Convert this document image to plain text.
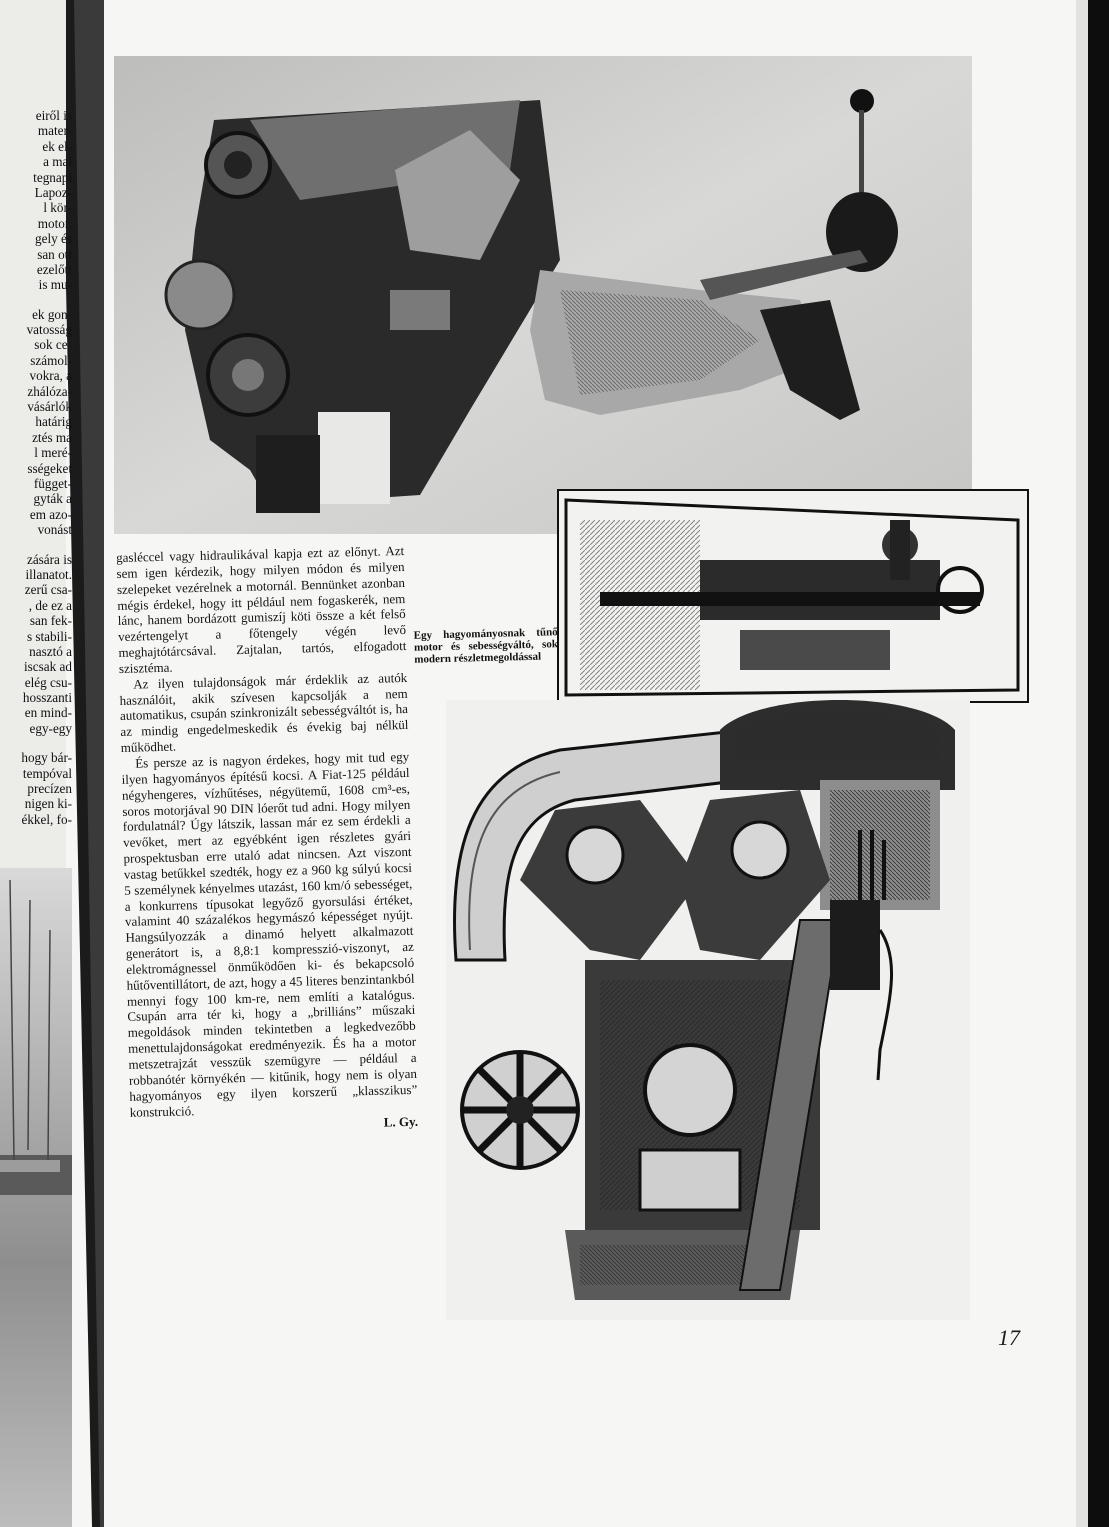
eiről is
mater-
ek el-
a mai
tegnapi
Lapoz-
l kör-
motor,
gely és
san ott
ezelőtt
is mu-
ek gon-
vatosság
sok ce-
számol-
vokra, a
zhálóza-
vásárlók
határig
ztés ma
l meré-
sségeket
függet-
gyták a
em azo-
vonást
zására is
illanatot.
zerű csa-
, de ez a
san fek-
s stabili-
nasztó a
iscsak ad
elég csu-
hosszanti
en mind-
egy-egy
hogy bár-
tempóval
precízen
nigen ki-
ékkel, fo-

gasléccel vagy hidraulikával kapja ezt az előnyt. Azt sem igen kérdezik, hogy milyen módon és milyen szelepeket vezérelnek a motornál. Bennünket azonban mégis érdekel, hogy itt például nem fogaskerék, nem lánc, hanem bordázott gumiszíj köti össze a két felső vezértengelyt a főtengely végén levő meghajtótárcsával. Zajtalan, tartós, elfogadott szisztéma.

Az ilyen tulajdonságok már érdeklik az autók használóit, akik szívesen kapcsolják a nem automatikus, csupán szinkronizált sebességváltót is, ha az mindig engedelmeskedik és évekig baj nélkül működhet.

És persze az is nagyon érdekes, hogy mit tud egy ilyen hagyományos építésű kocsi. A Fiat-125 például négyhengeres, vízhűtéses, négyütemű, 1608 cm³-es, soros motorjával 90 DIN lóerőt tud adni. Hogy milyen fordulatnál? Úgy látszik, lassan már ez sem érdekli a vevőket, mert az egyébként igen részletes gyári prospektusban erre utaló adat nincsen. Azt viszont vastag betűkkel szedték, hogy ez a 960 kg súlyú kocsi 5 személynek kényelmes utazást, 160 km/ó sebességet, a konkurrens típusokat legyőző gyorsulási értéket, valamint 40 százalékos hegymászó képességet nyújt. Hangsúlyozzák a dinamó helyett alkalmazott generátort is, a 8,8:1 kompresszió-viszonyt, az elektromágnessel önműködően ki- és bekapcsoló hűtőventillátort, de azt, hogy a 45 literes benzintankból mennyi fogy 100 km-re, nem említi a katalógus. Csupán arra tér ki, hogy a „brilliáns” műszaki megoldások minden tekintetben a legkedvezőbb menettulajdonságokat eredményezik. És ha a motor metszetrajzát vesszük szemügyre — például a robbanótér környékén — kitűnik, hogy nem is olyan hagyományos egy ilyen korszerű „klasszikus” konstrukció.

L. Gy.
Egy hagyományosnak tűnő motor és sebességváltó, sok modern részletmegoldással
17
